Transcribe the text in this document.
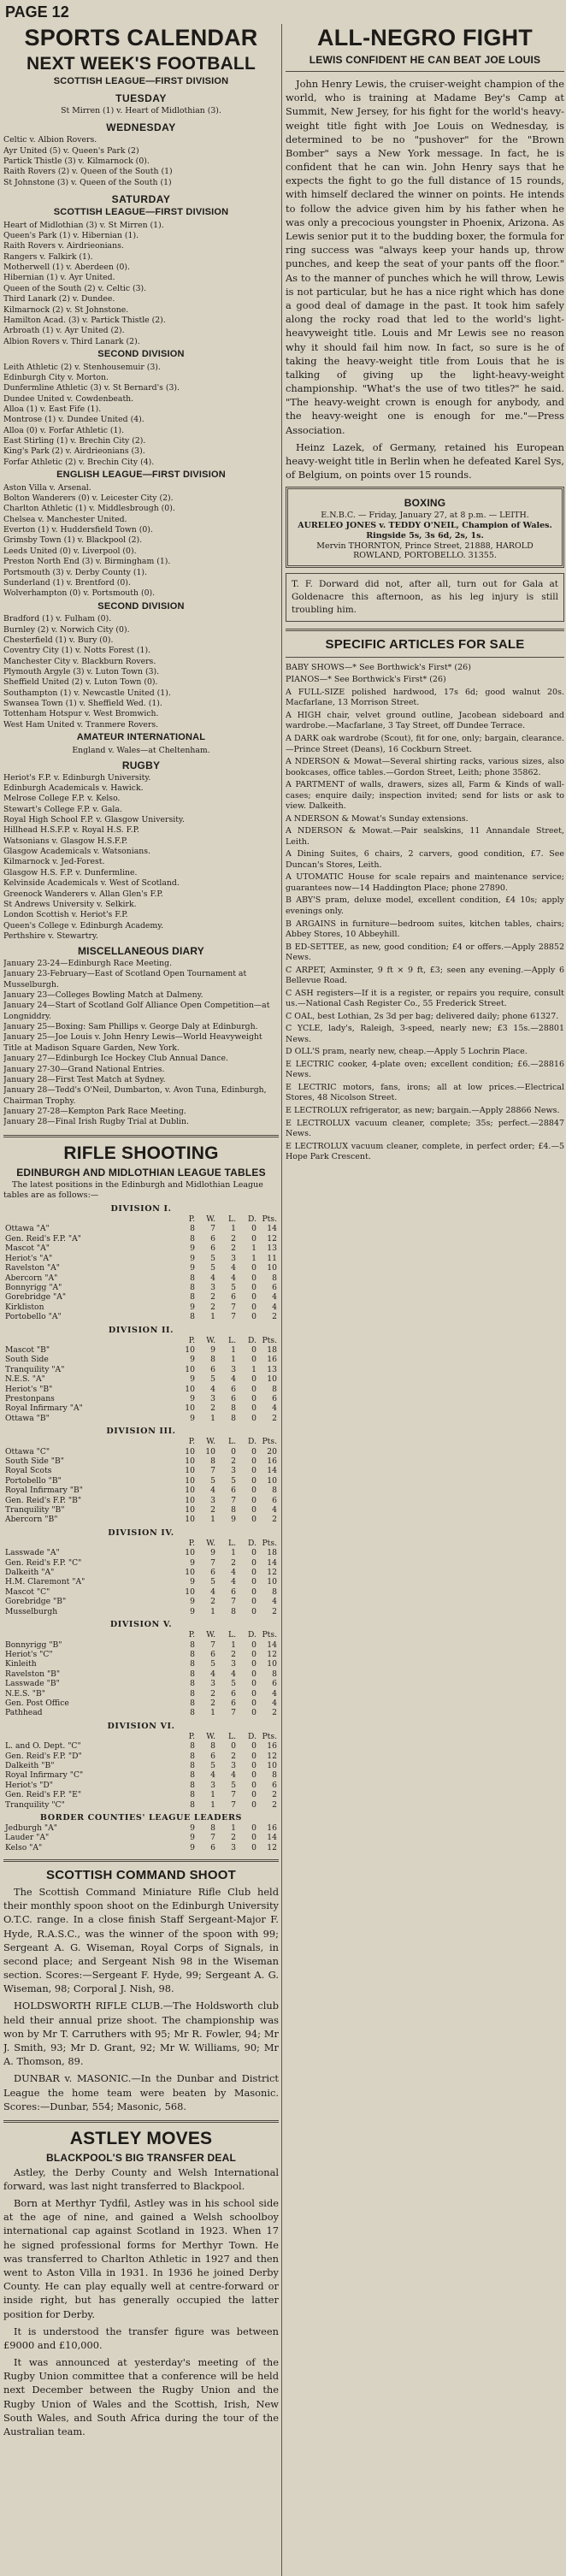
PAGE 12
SPORTS CALENDAR
NEXT WEEK'S FOOTBALL
SCOTTISH LEAGUE—FIRST DIVISION
TUESDAY

St Mirren (1) v. Heart of Midlothian (3).

WEDNESDAY

Celtic v. Albion Rovers.

Ayr United (5) v. Queen's Park (2)

Partick Thistle (3) v. Kilmarnock (0).

Raith Rovers (2) v. Queen of the South (1)

St Johnstone (3) v. Queen of the South (1)

SATURDAY
SCOTTISH LEAGUE—FIRST DIVISION

Heart of Midlothian (3) v. St Mirren (1).

Queen's Park (1) v. Hibernian (1).

Raith Rovers v. Airdrieonians.

Rangers v. Falkirk (1).

Motherwell (1) v. Aberdeen (0).

Hibernian (1) v. Ayr United.

Queen of the South (2) v. Celtic (3).

Third Lanark (2) v. Dundee.

Kilmarnock (2) v. St Johnstone.

Hamilton Acad. (3) v. Partick Thistle (2).

Arbroath (1) v. Ayr United (2).

Albion Rovers v. Third Lanark (2).

SECOND DIVISION

Leith Athletic (2) v. Stenhousemuir (3).

Edinburgh City v. Morton.

Dunfermline Athletic (3) v. St Bernard's (3).

Dundee United v. Cowdenbeath.

Alloa (1) v. East Fife (1).

Montrose (1) v. Dundee United (4).

Alloa (0) v. Forfar Athletic (1).

East Stirling (1) v. Brechin City (2).

King's Park (2) v. Airdrieonians (3).

Forfar Athletic (2) v. Brechin City (4).

ENGLISH LEAGUE—FIRST DIVISION

Aston Villa v. Arsenal.

Bolton Wanderers (0) v. Leicester City (2).

Charlton Athletic (1) v. Middlesbrough (0).

Chelsea v. Manchester United.

Everton (1) v. Huddersfield Town (0).

Grimsby Town (1) v. Blackpool (2).

Leeds United (0) v. Liverpool (0).

Preston North End (3) v. Birmingham (1).

Portsmouth (3) v. Derby County (1).

Sunderland (1) v. Brentford (0).

Wolverhampton (0) v. Portsmouth (0).

SECOND DIVISION

Bradford (1) v. Fulham (0).

Burnley (2) v. Norwich City (0).

Chesterfield (1) v. Bury (0).

Coventry City (1) v. Notts Forest (1).

Manchester City v. Blackburn Rovers.

Plymouth Argyle (3) v. Luton Town (3).

Sheffield United (2) v. Luton Town (0).

Southampton (1) v. Newcastle United (1).

Swansea Town (1) v. Sheffield Wed. (1).

Tottenham Hotspur v. West Bromwich.

West Ham United v. Tranmere Rovers.

AMATEUR INTERNATIONAL

England v. Wales—at Cheltenham.

RUGBY

Heriot's F.P. v. Edinburgh University.

Edinburgh Academicals v. Hawick.

Melrose College F.P. v. Kelso.

Stewart's College F.P. v. Gala.

Royal High School F.P. v. Glasgow University.

Hillhead H.S.F.P. v. Royal H.S. F.P.

Watsonians v. Glasgow H.S.F.P.

Glasgow Academicals v. Watsonians.

Kilmarnock v. Jed-Forest.

Glasgow H.S. F.P. v. Dunfermline.

Kelvinside Academicals v. West of Scotland.

Greenock Wanderers v. Allan Glen's F.P.

St Andrews University v. Selkirk.

London Scottish v. Heriot's F.P.

Queen's College v. Edinburgh Academy.

Perthshire v. Stewartry.

MISCELLANEOUS DIARY

January 23-24—Edinburgh Race Meeting.

January 23-February—East of Scotland Open Tournament at Musselburgh.

January 23—Colleges Bowling Match at Dalmeny.

January 24—Start of Scotland Golf Alliance Open Competition—at Longniddry.

January 25—Boxing: Sam Phillips v. George Daly at Edinburgh.

January 25—Joe Louis v. John Henry Lewis—World Heavyweight Title at Madison Square Garden, New York.

January 27—Edinburgh Ice Hockey Club Annual Dance.

January 27-30—Grand National Entries.

January 28—First Test Match at Sydney.

January 28—Tedd's O'Neil, Dumbarton, v. Avon Tuna, Edinburgh, Chairman Trophy.

January 27-28—Kempton Park Race Meeting.

January 28—Final Irish Rugby Trial at Dublin.

RIFLE SHOOTING
EDINBURGH AND MIDLOTHIAN LEAGUE TABLES
The latest positions in the Edinburgh and Midlothian League tables are as follows:—
DIVISION I.
	P.	W.	L.	D.	Pts.
Ottawa "A"	8	7	1	0	14
Gen. Reid's F.P. "A"	8	6	2	0	12
Mascot "A"	9	6	2	1	13
Heriot's "A"	9	5	3	1	11
Ravelston "A"	9	5	4	0	10
Abercorn "A"	8	4	4	0	8
Bonnyrigg "A"	8	3	5	0	6
Gorebridge "A"	8	2	6	0	4
Kirkliston	9	2	7	0	4
Portobello "A"	8	1	7	0	2
DIVISION II.
	P.	W.	L.	D.	Pts.
Mascot "B"	10	9	1	0	18
South Side	9	8	1	0	16
Tranquility "A"	10	6	3	1	13
N.E.S. "A"	9	5	4	0	10
Heriot's "B"	10	4	6	0	8
Prestonpans	9	3	6	0	6
Royal Infirmary "A"	10	2	8	0	4
Ottawa "B"	9	1	8	0	2
DIVISION III.
	P.	W.	L.	D.	Pts.
Ottawa "C"	10	10	0	0	20
South Side "B"	10	8	2	0	16
Royal Scots	10	7	3	0	14
Portobello "B"	10	5	5	0	10
Royal Infirmary "B"	10	4	6	0	8
Gen. Reid's F.P. "B"	10	3	7	0	6
Tranquility "B"	10	2	8	0	4
Abercorn "B"	10	1	9	0	2
DIVISION IV.
	P.	W.	L.	D.	Pts.
Lasswade "A"	10	9	1	0	18
Gen. Reid's F.P. "C"	9	7	2	0	14
Dalkeith "A"	10	6	4	0	12
H.M. Claremont "A"	9	5	4	0	10
Mascot "C"	10	4	6	0	8
Gorebridge "B"	9	2	7	0	4
Musselburgh	9	1	8	0	2
DIVISION V.
	P.	W.	L.	D.	Pts.
Bonnyrigg "B"	8	7	1	0	14
Heriot's "C"	8	6	2	0	12
Kinleith	8	5	3	0	10
Ravelston "B"	8	4	4	0	8
Lasswade "B"	8	3	5	0	6
N.E.S. "B"	8	2	6	0	4
Gen. Post Office	8	2	6	0	4
Pathhead	8	1	7	0	2
DIVISION VI.
	P.	W.	L.	D.	Pts.
L. and O. Dept. "C"	8	8	0	0	16
Gen. Reid's F.P. "D"	8	6	2	0	12
Dalkeith "B"	8	5	3	0	10
Royal Infirmary "C"	8	4	4	0	8
Heriot's "D"	8	3	5	0	6
Gen. Reid's F.P. "E"	8	1	7	0	2
Tranquility "C"	8	1	7	0	2
BORDER COUNTIES' LEAGUE LEADERS
Jedburgh "A"	9	8	1	0	16
Lauder "A"	9	7	2	0	14
Kelso "A"	9	6	3	0	12
SCOTTISH COMMAND SHOOT

The Scottish Command Miniature Rifle Club held their monthly spoon shoot on the Edinburgh University O.T.C. range. In a close finish Staff Sergeant-Major F. Hyde, R.A.S.C., was the winner of the spoon with 99; Sergeant A. G. Wiseman, Royal Corps of Signals, in second place; and Sergeant Nish 98 in the Wiseman section. Scores:—Sergeant F. Hyde, 99; Sergeant A. G. Wiseman, 98; Corporal J. Nish, 98.

HOLDSWORTH RIFLE CLUB.—The Holdsworth club held their annual prize shoot. The championship was won by Mr T. Carruthers with 95; Mr R. Fowler, 94; Mr J. Smith, 93; Mr D. Grant, 92; Mr W. Williams, 90; Mr A. Thomson, 89.

DUNBAR v. MASONIC.—In the Dunbar and District League the home team were beaten by Masonic. Scores:—Dunbar, 554; Masonic, 568.

ASTLEY MOVES
BLACKPOOL'S BIG TRANSFER DEAL

Astley, the Derby County and Welsh International forward, was last night transferred to Blackpool.

Born at Merthyr Tydfil, Astley was in his school side at the age of nine, and gained a Welsh schoolboy international cap against Scotland in 1923. When 17 he signed professional forms for Merthyr Town. He was transferred to Charlton Athletic in 1927 and then went to Aston Villa in 1931. In 1936 he joined Derby County. He can play equally well at centre-forward or inside right, but has generally occupied the latter position for Derby.

It is understood the transfer figure was between £9000 and £10,000.

It was announced at yesterday's meeting of the Rugby Union committee that a conference will be held next December between the Rugby Union and the Rugby Union of Wales and the Scottish, Irish, New South Wales, and South Africa during the tour of the Australian team.

ALL-NEGRO FIGHT
LEWIS CONFIDENT HE CAN BEAT JOE LOUIS

John Henry Lewis, the cruiser-weight champion of the world, who is training at Madame Bey's Camp at Summit, New Jersey, for his fight for the world's heavy-weight title fight with Joe Louis on Wednesday, is determined to be no "pushover" for the "Brown Bomber" says a New York message. In fact, he is confident that he can win. John Henry says that he expects the fight to go the full distance of 15 rounds, with himself declared the winner on points. He intends to follow the advice given him by his father when he was only a precocious youngster in Phoenix, Arizona. As Lewis senior put it to the budding boxer, the formula for ring success was "always keep your hands up, throw punches, and keep the seat of your pants off the floor." As to the manner of punches which he will throw, Lewis is not particular, but he has a nice right which has done a good deal of damage in the past. It took him safely along the rocky road that led to the world's light-heavyweight title. Louis and Mr Lewis see no reason why it should fail him now. In fact, so sure is he of taking the heavy-weight title from Louis that he is talking of giving up the light-heavy-weight championship. "What's the use of two titles?" he said. "The heavy-weight crown is enough for anybody, and the heavy-weight one is enough for me."—Press Association.

Heinz Lazek, of Germany, retained his European heavy-weight title in Berlin when he defeated Karel Sys, of Belgium, on points over 15 rounds.

BOXING
E.N.B.C. — Friday, January 27, at 8 p.m. — LEITH.
AURELEO JONES v. TEDDY O'NEIL, Champion of Wales. Ringside 5s, 3s 6d, 2s, 1s.
Mervin THORNTON, Prince Street, 21888, HAROLD ROWLAND, PORTOBELLO. 31355.
T. F. Dorward did not, after all, turn out for Gala at Goldenacre this afternoon, as his leg injury is still troubling him.
SPECIFIC ARTICLES FOR SALE

BABY SHOWS—* See Borthwick's First* (26)

PIANOS—* See Borthwick's First* (26)

A FULL-SIZE polished hardwood, 17s 6d; good walnut 20s. Macfarlane, 13 Morrison Street.

A HIGH chair, velvet ground outline, Jacobean sideboard and wardrobe.—Macfarlane, 3 Tay Street, off Dundee Terrace.

A DARK oak wardrobe (Scout), fit for one, only; bargain, clearance.—Prince Street (Deans), 16 Cockburn Street.

A NDERSON & Mowat—Several shirting racks, various sizes, also bookcases, office tables.—Gordon Street, Leith; phone 35862.

A PARTMENT of walls, drawers, sizes all, Farm & Kinds of wall-cases; enquire daily; inspection invited; send for lists or ask to view. Dalkeith.

A NDERSON & Mowat's Sunday extensions.

A NDERSON & Mowat.—Pair sealskins, 11 Annandale Street, Leith.

A Dining Suites, 6 chairs, 2 carvers, good condition, £7. See Duncan's Stores, Leith.

A UTOMATIC House for scale repairs and maintenance service; guarantees now—14 Haddington Place; phone 27890.

B ABY'S pram, deluxe model, excellent condition, £4 10s; apply evenings only.

B ARGAINS in furniture—bedroom suites, kitchen tables, chairs; Abbey Stores, 10 Abbeyhill.

B ED-SETTEE, as new, good condition; £4 or offers.—Apply 28852 News.

C ARPET, Axminster, 9 ft × 9 ft, £3; seen any evening.—Apply 6 Bellevue Road.

C ASH registers—If it is a register, or repairs you require, consult us.—National Cash Register Co., 55 Frederick Street.

C OAL, best Lothian, 2s 3d per bag; delivered daily; phone 61327.

C YCLE, lady's, Raleigh, 3-speed, nearly new; £3 15s.—28801 News.

D OLL'S pram, nearly new, cheap.—Apply 5 Lochrin Place.

E LECTRIC cooker, 4-plate oven; excellent condition; £6.—28816 News.

E LECTRIC motors, fans, irons; all at low prices.—Electrical Stores, 48 Nicolson Street.

E LECTROLUX refrigerator, as new; bargain.—Apply 28866 News.

E LECTROLUX vacuum cleaner, complete; 35s; perfect.—28847 News.

E LECTROLUX vacuum cleaner, complete, in perfect order; £4.—5 Hope Park Crescent.
